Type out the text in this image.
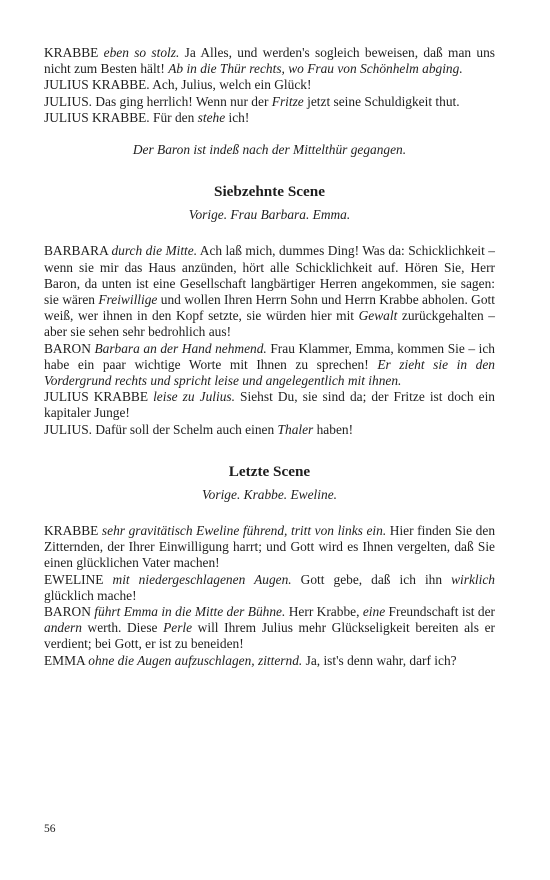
KRABBE eben so stolz. Ja Alles, und werden's sogleich beweisen, daß man uns nicht zum Besten hält! Ab in die Thür rechts, wo Frau von Schönhelm abging.

JULIUS KRABBE. Ach, Julius, welch ein Glück!

JULIUS. Das ging herrlich! Wenn nur der Fritze jetzt seine Schuldigkeit thut.

JULIUS KRABBE. Für den stehe ich!

Der Baron ist indeß nach der Mittelthür gegangen.

Siebzehnte Scene

Vorige. Frau Barbara. Emma.

BARBARA durch die Mitte. Ach laß mich, dummes Ding! Was da: Schicklichkeit – wenn sie mir das Haus anzünden, hört alle Schicklichkeit auf. Hören Sie, Herr Baron, da unten ist eine Gesellschaft langbärtiger Herren angekommen, sie sagen: sie wären Freiwillige und wollen Ihren Herrn Sohn und Herrn Krabbe abholen. Gott weiß, wer ihnen in den Kopf setzte, sie würden hier mit Gewalt zurückgehalten – aber sie sehen sehr bedrohlich aus!

BARON Barbara an der Hand nehmend. Frau Klammer, Emma, kommen Sie – ich habe ein paar wichtige Worte mit Ihnen zu sprechen! Er zieht sie in den Vordergrund rechts und spricht leise und angelegentlich mit ihnen.

JULIUS KRABBE leise zu Julius. Siehst Du, sie sind da; der Fritze ist doch ein kapitaler Junge!

JULIUS. Dafür soll der Schelm auch einen Thaler haben!

Letzte Scene

Vorige. Krabbe. Eweline.

KRABBE sehr gravitätisch Eweline führend, tritt von links ein. Hier finden Sie den Zitternden, der Ihrer Einwilligung harrt; und Gott wird es Ihnen vergelten, daß Sie einen glücklichen Vater machen!

EWELINE mit niedergeschlagenen Augen. Gott gebe, daß ich ihn wirklich glücklich mache!

BARON führt Emma in die Mitte der Bühne. Herr Krabbe, eine Freundschaft ist der andern werth. Diese Perle will Ihrem Julius mehr Glückseligkeit bereiten als er verdient; bei Gott, er ist zu beneiden!

EMMA ohne die Augen aufzuschlagen, zitternd. Ja, ist's denn wahr, darf ich?

56
